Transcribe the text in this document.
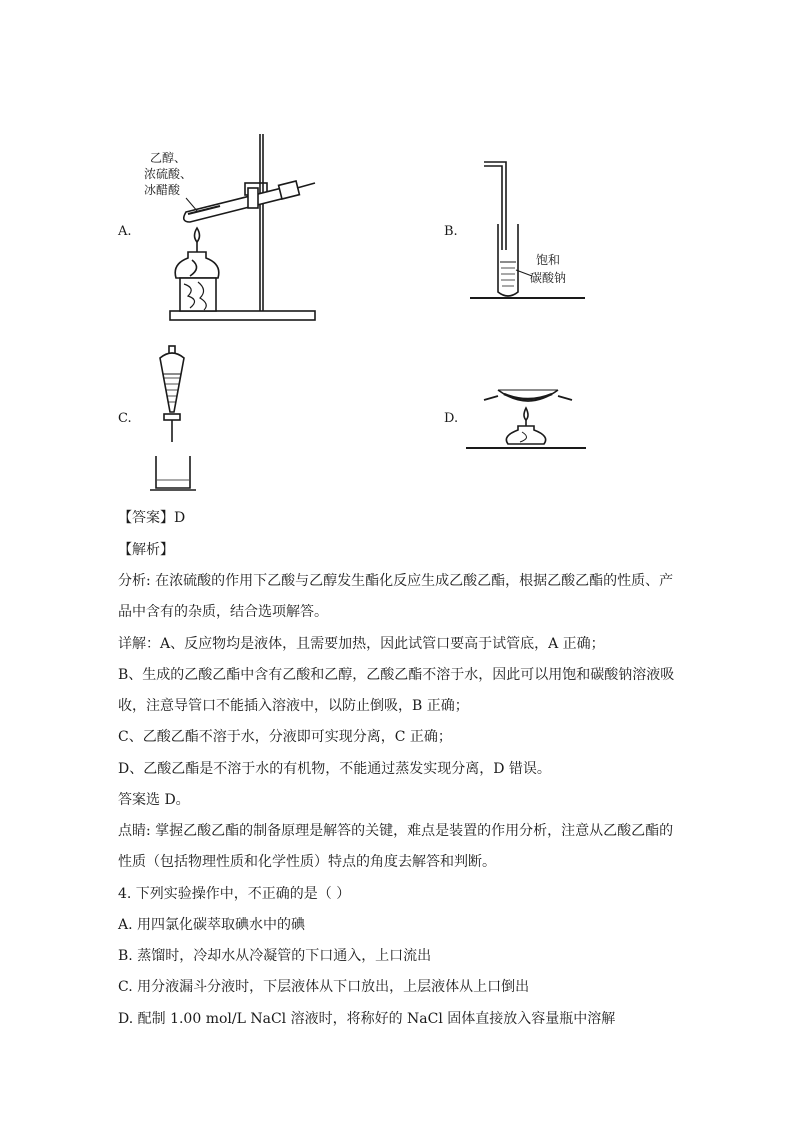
A.	B.
C.	D.
乙醇、
浓硫酸、
冰醋酸
饱和
碳酸钠
【答案】D
【解析】
分析: 在浓硫酸的作用下乙酸与乙醇发生酯化反应生成乙酸乙酯，根据乙酸乙酯的性质、产
品中含有的杂质，结合选项解答。
详解：A、反应物均是液体，且需要加热，因此试管口要高于试管底，A 正确；
B、生成的乙酸乙酯中含有乙酸和乙醇，乙酸乙酯不溶于水，因此可以用饱和碳酸钠溶液吸
收，注意导管口不能插入溶液中，以防止倒吸，B 正确；
C、乙酸乙酯不溶于水，分液即可实现分离，C 正确；
D、乙酸乙酯是不溶于水的有机物，不能通过蒸发实现分离，D 错误。
答案选 D。
点睛: 掌握乙酸乙酯的制备原理是解答的关键，难点是装置的作用分析，注意从乙酸乙酯的
性质（包括物理性质和化学性质）特点的角度去解答和判断。
4. 下列实验操作中，不正确的是（ ）
A. 用四氯化碳萃取碘水中的碘
B. 蒸馏时，冷却水从冷凝管的下口通入，上口流出
C. 用分液漏斗分液时，下层液体从下口放出，上层液体从上口倒出
D. 配制 1.00 mol/L NaCl 溶液时，将称好的 NaCl 固体直接放入容量瓶中溶解
